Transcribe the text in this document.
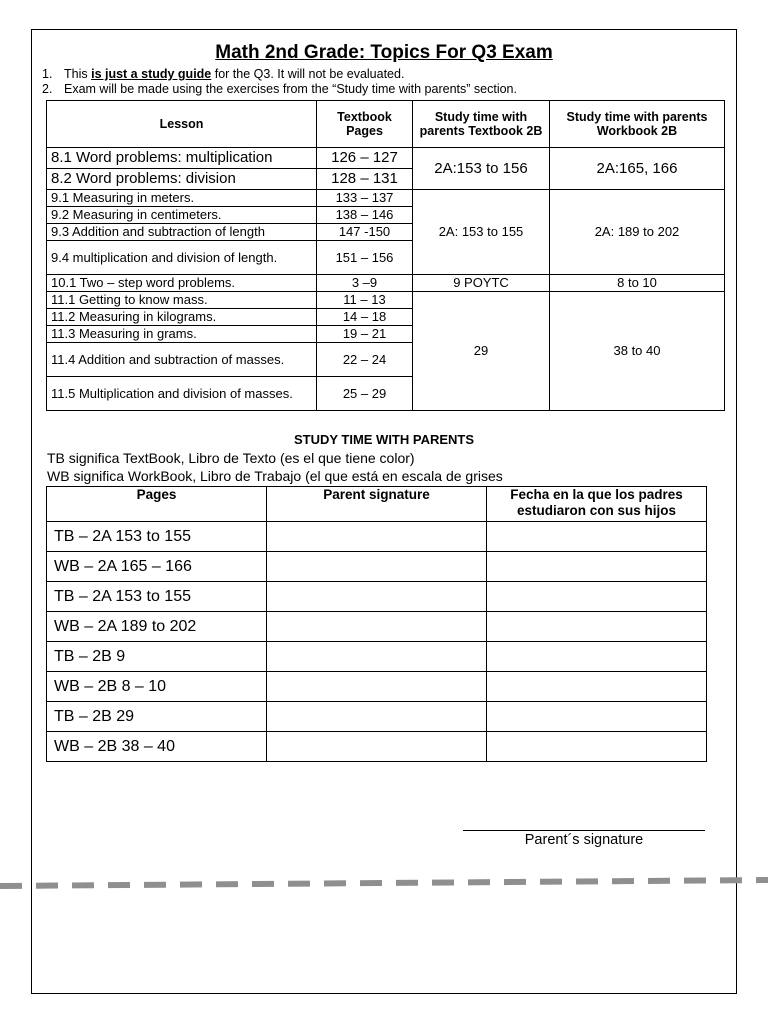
Math 2nd Grade: Topics For Q3 Exam
1. This is just a study guide for the Q3. It will not be evaluated.
2. Exam will be made using the exercises from the “Study time with parents” section.
Lesson	Textbook Pages	Study time with parents Textbook 2B	Study time with parents Workbook 2B
8.1 Word problems: multiplication	126 – 127	2A:153 to 156	2A:165, 166
8.2 Word problems: division	128 – 131		
9.1 Measuring in meters.	133 – 137	2A: 153 to 155	2A: 189 to 202
9.2 Measuring in centimeters.	138 – 146		
9.3 Addition and subtraction of length	147 -150		
9.4 multiplication and division of length.	151 – 156		
10.1 Two – step word problems.	3 –9	9 POYTC	8 to 10
11.1 Getting to know mass.	11 – 13	29	38 to 40
11.2 Measuring in kilograms.	14 – 18		
11.3 Measuring in grams.	19 – 21		
11.4 Addition and subtraction of masses.	22 – 24		
11.5 Multiplication and division of masses.	25 – 29		
STUDY TIME WITH PARENTS
TB significa TextBook, Libro de Texto (es el que tiene color)
WB significa WorkBook, Libro de Trabajo (el que está en escala de grises
Pages	Parent signature	Fecha en la que los padres estudiaron con sus hijos
TB – 2A 153 to 155		
WB – 2A 165 – 166		
TB – 2A 153 to 155		
WB – 2A 189 to 202		
TB – 2B 9		
WB – 2B 8 – 10		
TB – 2B 29		
WB – 2B 38 – 40		
Parent´s signature
